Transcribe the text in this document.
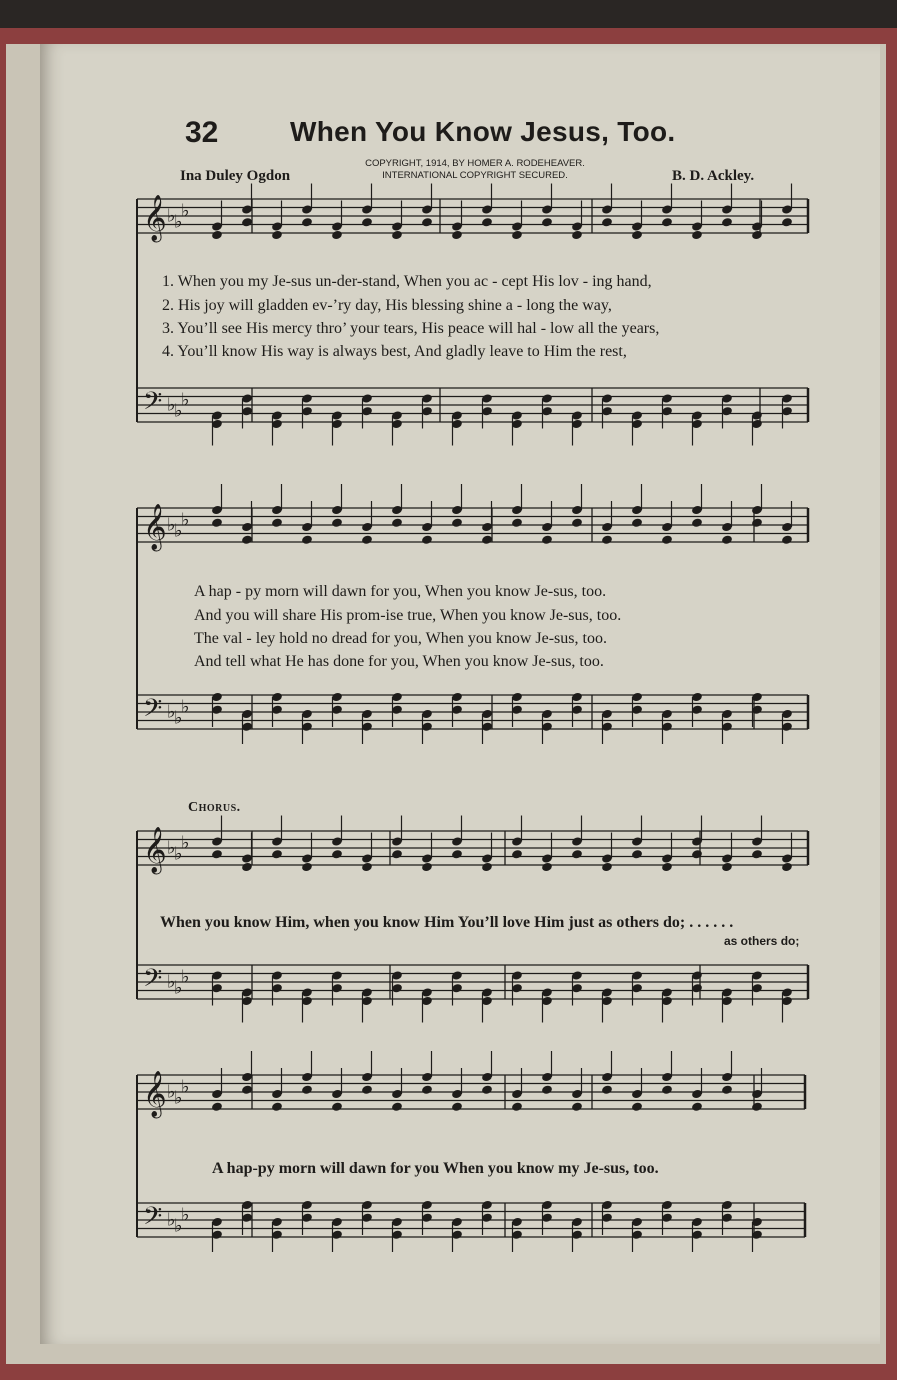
32	When You Know Jesus, Too.
COPYRIGHT, 1914, BY HOMER A. RODEHEAVER.
INTERNATIONAL COPYRIGHT SECURED.
Ina Duley Ogdon	B. D. Ackley.
𝄞 ♭
♭
♭
𝄢 ♭
♭
♭
𝄞 ♭
♭
♭
𝄢 ♭
♭
♭
𝄞 ♭
♭
♭
𝄢 ♭
♭
♭
𝄞 ♭
♭
♭
𝄢 ♭
♭
♭
1. When you my Je-sus un-der-stand, When you ac - cept His lov - ing hand,
2. His joy will gladden ev-’ry day, His blessing shine a - long the way,
3. You’ll see His mercy thro’ your tears, His peace will hal - low all the years,
4. You’ll know His way is always best, And gladly leave to Him the rest,
A hap - py morn will dawn for you, When you know Je-sus, too.
And you will share His prom-ise true, When you know Je-sus, too.
The val - ley hold no dread for you, When you know Je-sus, too.
And tell what He has done for you, When you know Je-sus, too.
Chorus.
When you know Him, when you know Him You’ll love Him just as others do; . . . . . .
as others do;
A hap-py morn will dawn for you When you know my Je-sus, too.
